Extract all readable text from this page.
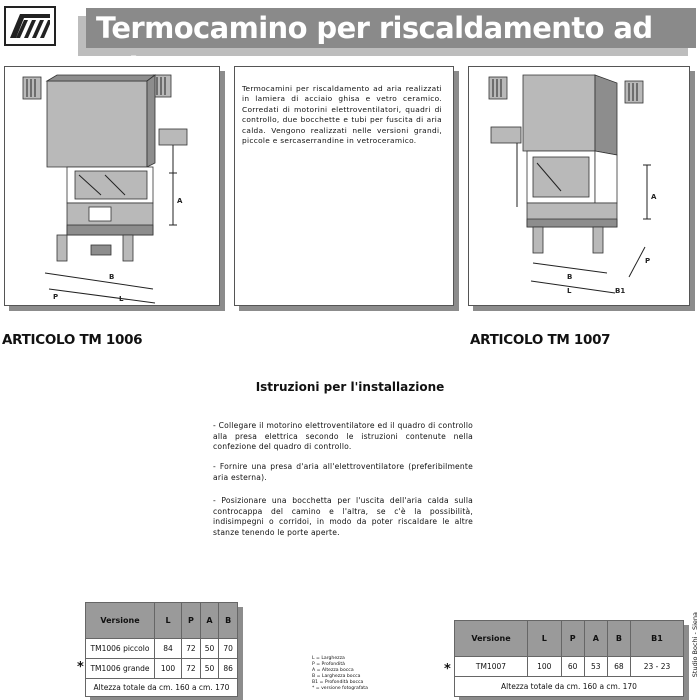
Termocamino per riscaldamento ad
A
B
P	L
Termocamini per riscaldamento ad aria realizzati in lamiera di acciaio ghisa e vetro ceramico. Corredati di motorini elettroventilatori, quadri di controllo, due bocchette e tubi per fuscita di aria calda. Vengono realizzati nelle versioni grandi, piccole e sercaserrandine in vetroceramico.
A
B
L
P
B1
ARTICOLO TM 1006	ARTICOLO TM 1007
Istruzioni per l'installazione
- Collegare il motorino elettroventilatore ed il quadro di controllo alla presa elettrica secondo le istruzioni contenute nella confezione del quadro di controllo.
- Fornire una presa d'aria all'elettroventilatore (preferibilmente aria esterna).
- Posizionare una bocchetta per l'uscita dell'aria calda sulla controcappa del camino e l'altra, se c'è la possibilità, indisimpegni o corridoi, in modo da poter riscaldare le altre stanze tenendo le porte aperte.
Versione	L	P	A	B
TM1006 piccolo	84	72	50	70
TM1006 grande	100	72	50	86
Altezza totale da cm. 160 a cm. 170				
*
L = Larghezza
P = Profondità
A = Altezza bocca
B = Larghezza bocca
B1 = Profondità bocca
* = versione fotografata
Versione	L	P	A	B	B1
TM1007	100	60	53	68	23 - 23
Altezza totale da cm. 160 a cm. 170					
*	Studio Bochi - Siena
